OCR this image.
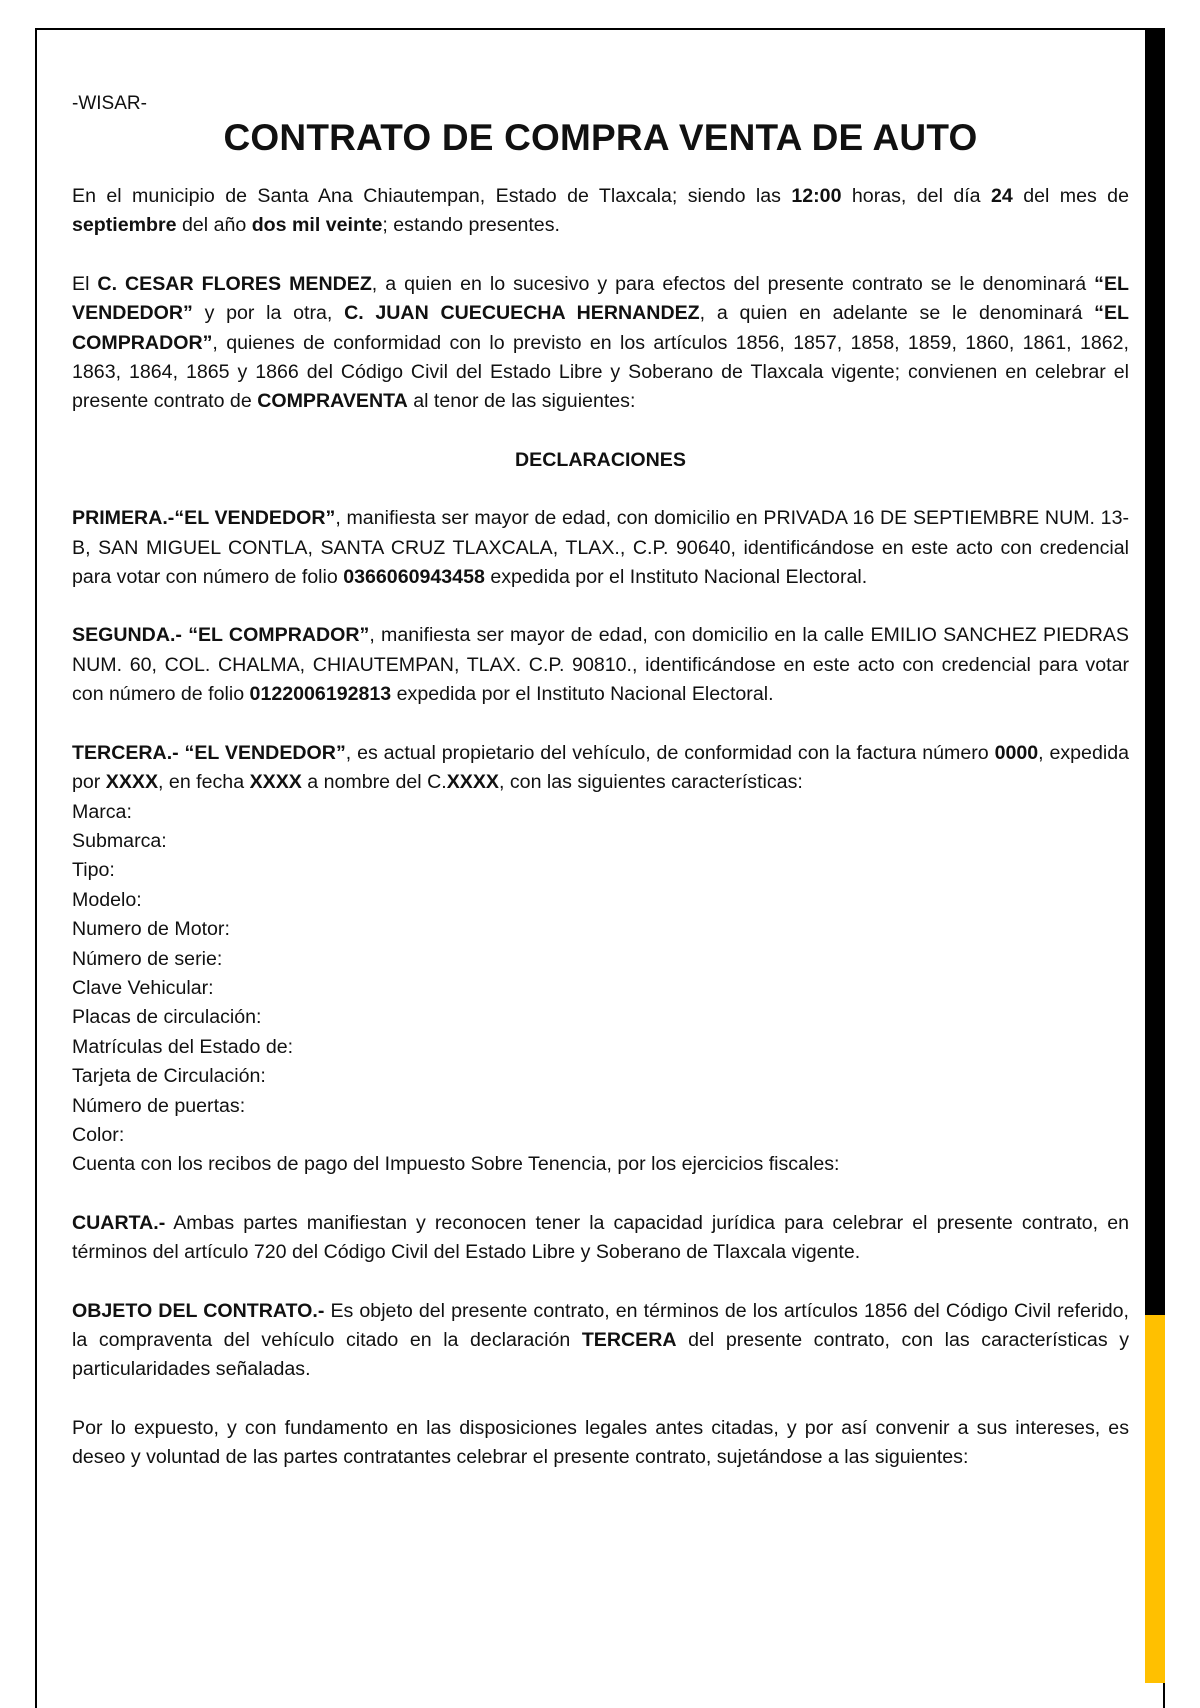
-WISAR-

CONTRATO DE COMPRA VENTA DE AUTO

En el municipio de Santa Ana Chiautempan, Estado de Tlaxcala; siendo las 12:00 horas, del día 24 del mes de septiembre del año dos mil veinte; estando presentes.

El C. CESAR FLORES MENDEZ, a quien en lo sucesivo y para efectos del presente contrato se le denominará “EL VENDEDOR” y por la otra, C. JUAN CUECUECHA HERNANDEZ, a quien en adelante se le denominará “EL COMPRADOR”, quienes de conformidad con lo previsto en los artículos 1856, 1857, 1858, 1859, 1860, 1861, 1862, 1863, 1864, 1865 y 1866 del Código Civil del Estado Libre y Soberano de Tlaxcala vigente; convienen en celebrar el presente contrato de COMPRAVENTA al tenor de las siguientes:

DECLARACIONES

PRIMERA.-“EL VENDEDOR”, manifiesta ser mayor de edad, con domicilio en PRIVADA 16 DE SEPTIEMBRE NUM. 13-B, SAN MIGUEL CONTLA, SANTA CRUZ TLAXCALA, TLAX., C.P. 90640, identificándose en este acto con credencial para votar con número de folio 0366060943458 expedida por el Instituto Nacional Electoral.

SEGUNDA.- “EL COMPRADOR”, manifiesta ser mayor de edad, con domicilio en la calle EMILIO SANCHEZ PIEDRAS NUM. 60, COL. CHALMA, CHIAUTEMPAN, TLAX. C.P. 90810., identificándose en este acto con credencial para votar con número de folio 0122006192813 expedida por el Instituto Nacional Electoral.

TERCERA.- “EL VENDEDOR”, es actual propietario del vehículo, de conformidad con la factura número 0000, expedida por XXXX, en fecha XXXX a nombre del C.XXXX, con las siguientes características:

Marca:
Submarca:
Tipo:
Modelo:
Numero de Motor:
Número de serie:
Clave Vehicular:
Placas de circulación:
Matrículas del Estado de:
Tarjeta de Circulación:
Número de puertas:
Color:
Cuenta con los recibos de pago del Impuesto Sobre Tenencia, por los ejercicios fiscales:

CUARTA.- Ambas partes manifiestan y reconocen tener la capacidad jurídica para celebrar el presente contrato, en términos del artículo 720 del Código Civil del Estado Libre y Soberano de Tlaxcala vigente.

OBJETO DEL CONTRATO.- Es objeto del presente contrato, en términos de los artículos 1856 del Código Civil referido, la compraventa del vehículo citado en la declaración TERCERA del presente contrato, con las características y particularidades señaladas.

Por lo expuesto, y con fundamento en las disposiciones legales antes citadas, y por así convenir a sus intereses, es deseo y voluntad de las partes contratantes celebrar el presente contrato, sujetándose a las siguientes:
